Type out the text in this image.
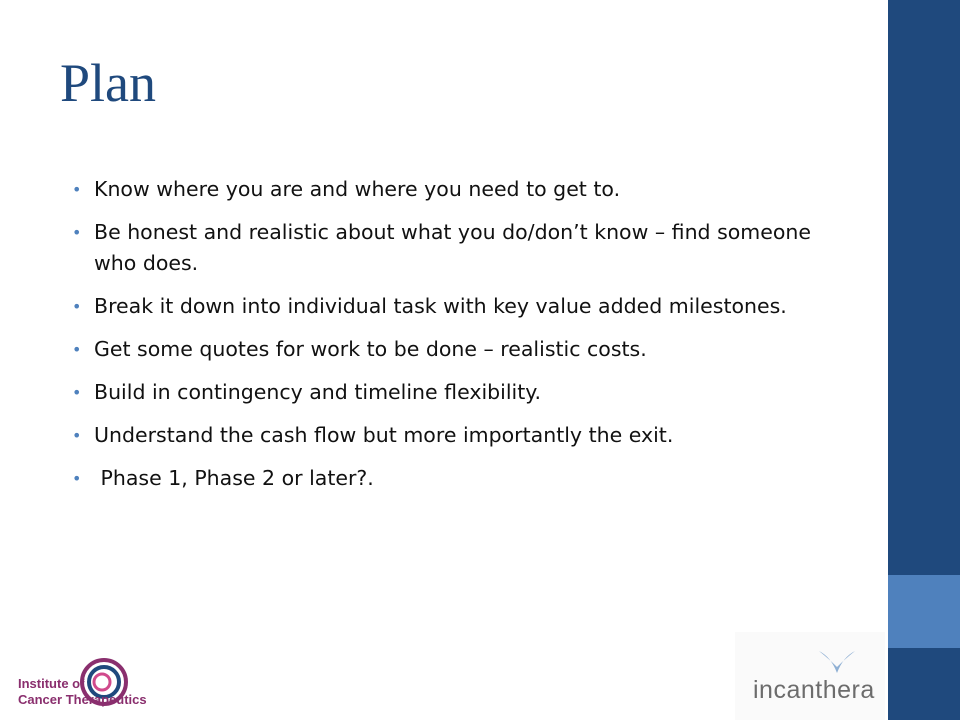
Plan
• Know where you are and where you need to get to.
• Be honest and realistic about what you do/don’t know – find someone who does.
• Break it down into individual task with key value added milestones.
• Get some quotes for work to be done – realistic costs.
• Build in contingency and timeline flexibility.
• Understand the cash flow but more importantly the exit.
• Phase 1, Phase 2 or later?.
Institute of
Cancer Therapeutics	incanthera
